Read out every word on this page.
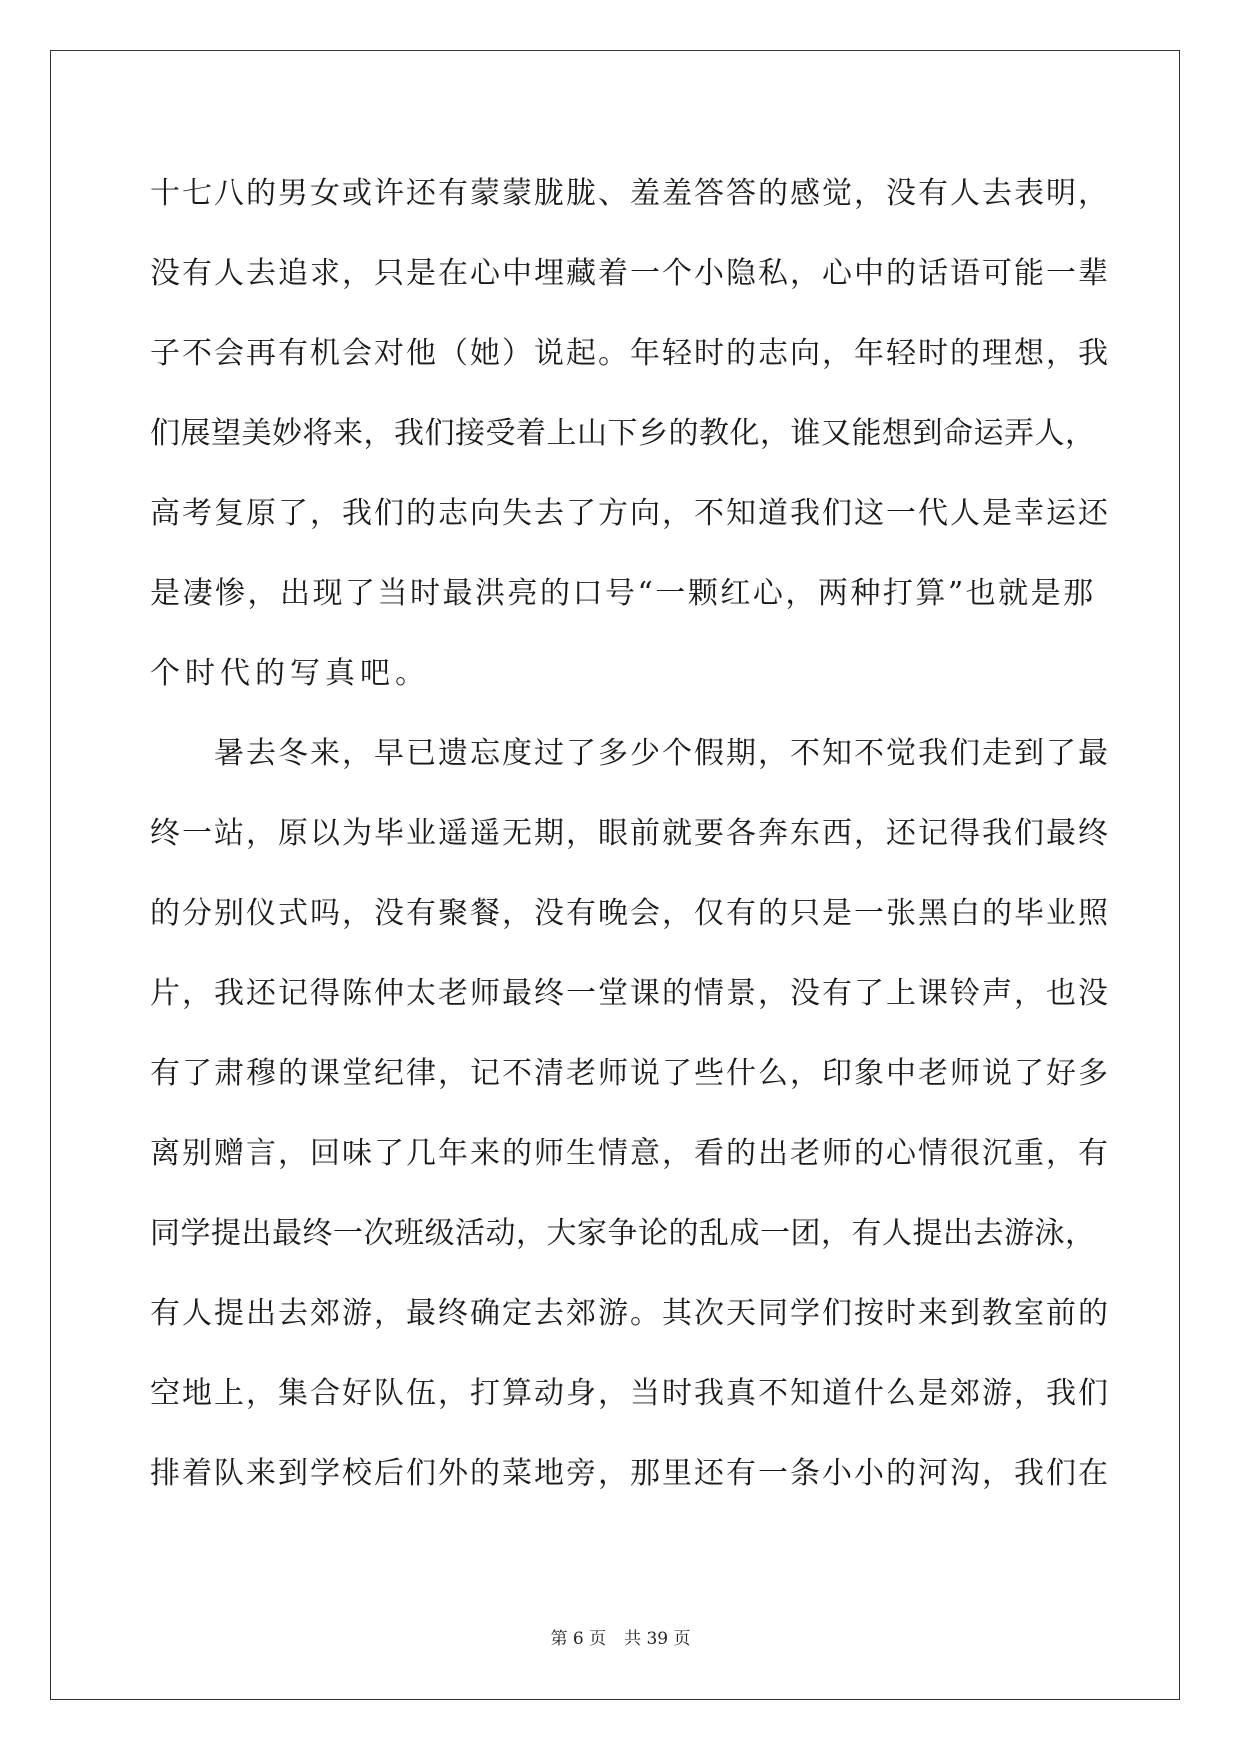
十七八的男女或许还有蒙蒙胧胧、羞羞答答的感觉，没有人去表明，
没有人去追求，只是在心中埋藏着一个小隐私，心中的话语可能一辈
子不会再有机会对他（她）说起。年轻时的志向，年轻时的理想，我
们展望美妙将来，我们接受着上山下乡的教化，谁又能想到命运弄人，
高考复原了，我们的志向失去了方向，不知道我们这一代人是幸运还
是凄惨，出现了当时最洪亮的口号“一颗红心，两种打算”也就是那
个时代的写真吧。
暑去冬来，早已遗忘度过了多少个假期，不知不觉我们走到了最
终一站，原以为毕业遥遥无期，眼前就要各奔东西，还记得我们最终
的分别仪式吗，没有聚餐，没有晚会，仅有的只是一张黑白的毕业照
片，我还记得陈仲太老师最终一堂课的情景，没有了上课铃声，也没
有了肃穆的课堂纪律，记不清老师说了些什么，印象中老师说了好多
离别赠言，回味了几年来的师生情意，看的出老师的心情很沉重，有
同学提出最终一次班级活动，大家争论的乱成一团，有人提出去游泳，
有人提出去郊游，最终确定去郊游。其次天同学们按时来到教室前的
空地上，集合好队伍，打算动身，当时我真不知道什么是郊游，我们
排着队来到学校后们外的菜地旁，那里还有一条小小的河沟，我们在
第 6 页 共 39 页
